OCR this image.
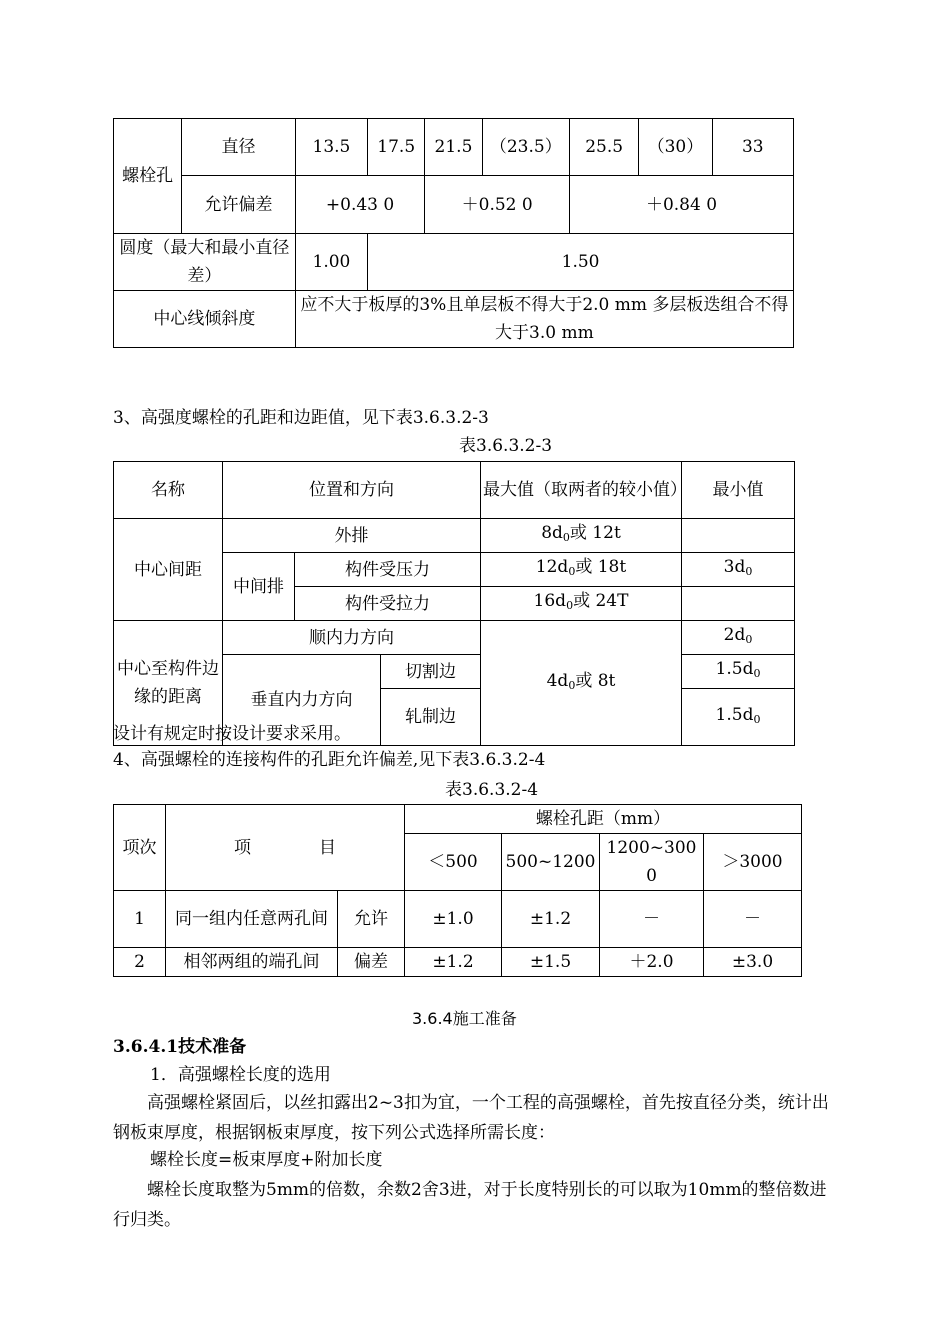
螺栓孔	直径	13.5	17.5	21.5	（23.5）	25.5	（30）	33
	允许偏差	+0.43 0		＋0.52 0		＋0.84 0		
圆度（最大和最小直径差）		1.00	1.50					
中心线倾斜度		应不大于板厚的3%且单层板不得大于2.0 mm 多层板迭组合不得大于3.0 mm						
3、高强度螺栓的孔距和边距值，见下表3.6.3.2-3
表3.6.3.2-3
名称	位置和方向			最大值（取两者的较小值）	最小值
中心间距	外排			$8d_0$或 12t	
	中间排	构件受压力		$12d_0$或 18t	$3d_0$
		构件受拉力		$16d_0$或 24T	
中心至构件边缘的距离	顺内力方向			$4d_0$或 8t	$2d_0$
	垂直内力方向		切割边		$1.5d_0$
			轧制边		$1.5d_0$
设计有规定时按设计要求采用。
4、高强螺栓的连接构件的孔距允许偏差,见下表3.6.3.2-4
表3.6.3.2-4
项次	项　　　　目		螺栓孔距（mm）			
			＜500	500~1200	1200~3000	＞3000
1	同一组内任意两孔间	允许	±1.0	±1.2	－	－
2	相邻两组的端孔间	偏差	±1.2	±1.5	＋2.0	±3.0
3.6.4施工准备
3.6.4.1技术准备
1．高强螺栓长度的选用
高强螺栓紧固后，以丝扣露出2~3扣为宜，一个工程的高强螺栓，首先按直径分类，统计出钢板束厚度，根据钢板束厚度，按下列公式选择所需长度：
螺栓长度=板束厚度+附加长度
螺栓长度取整为5mm的倍数，余数2舍3进，对于长度特别长的可以取为10mm的整倍数进行归类。
